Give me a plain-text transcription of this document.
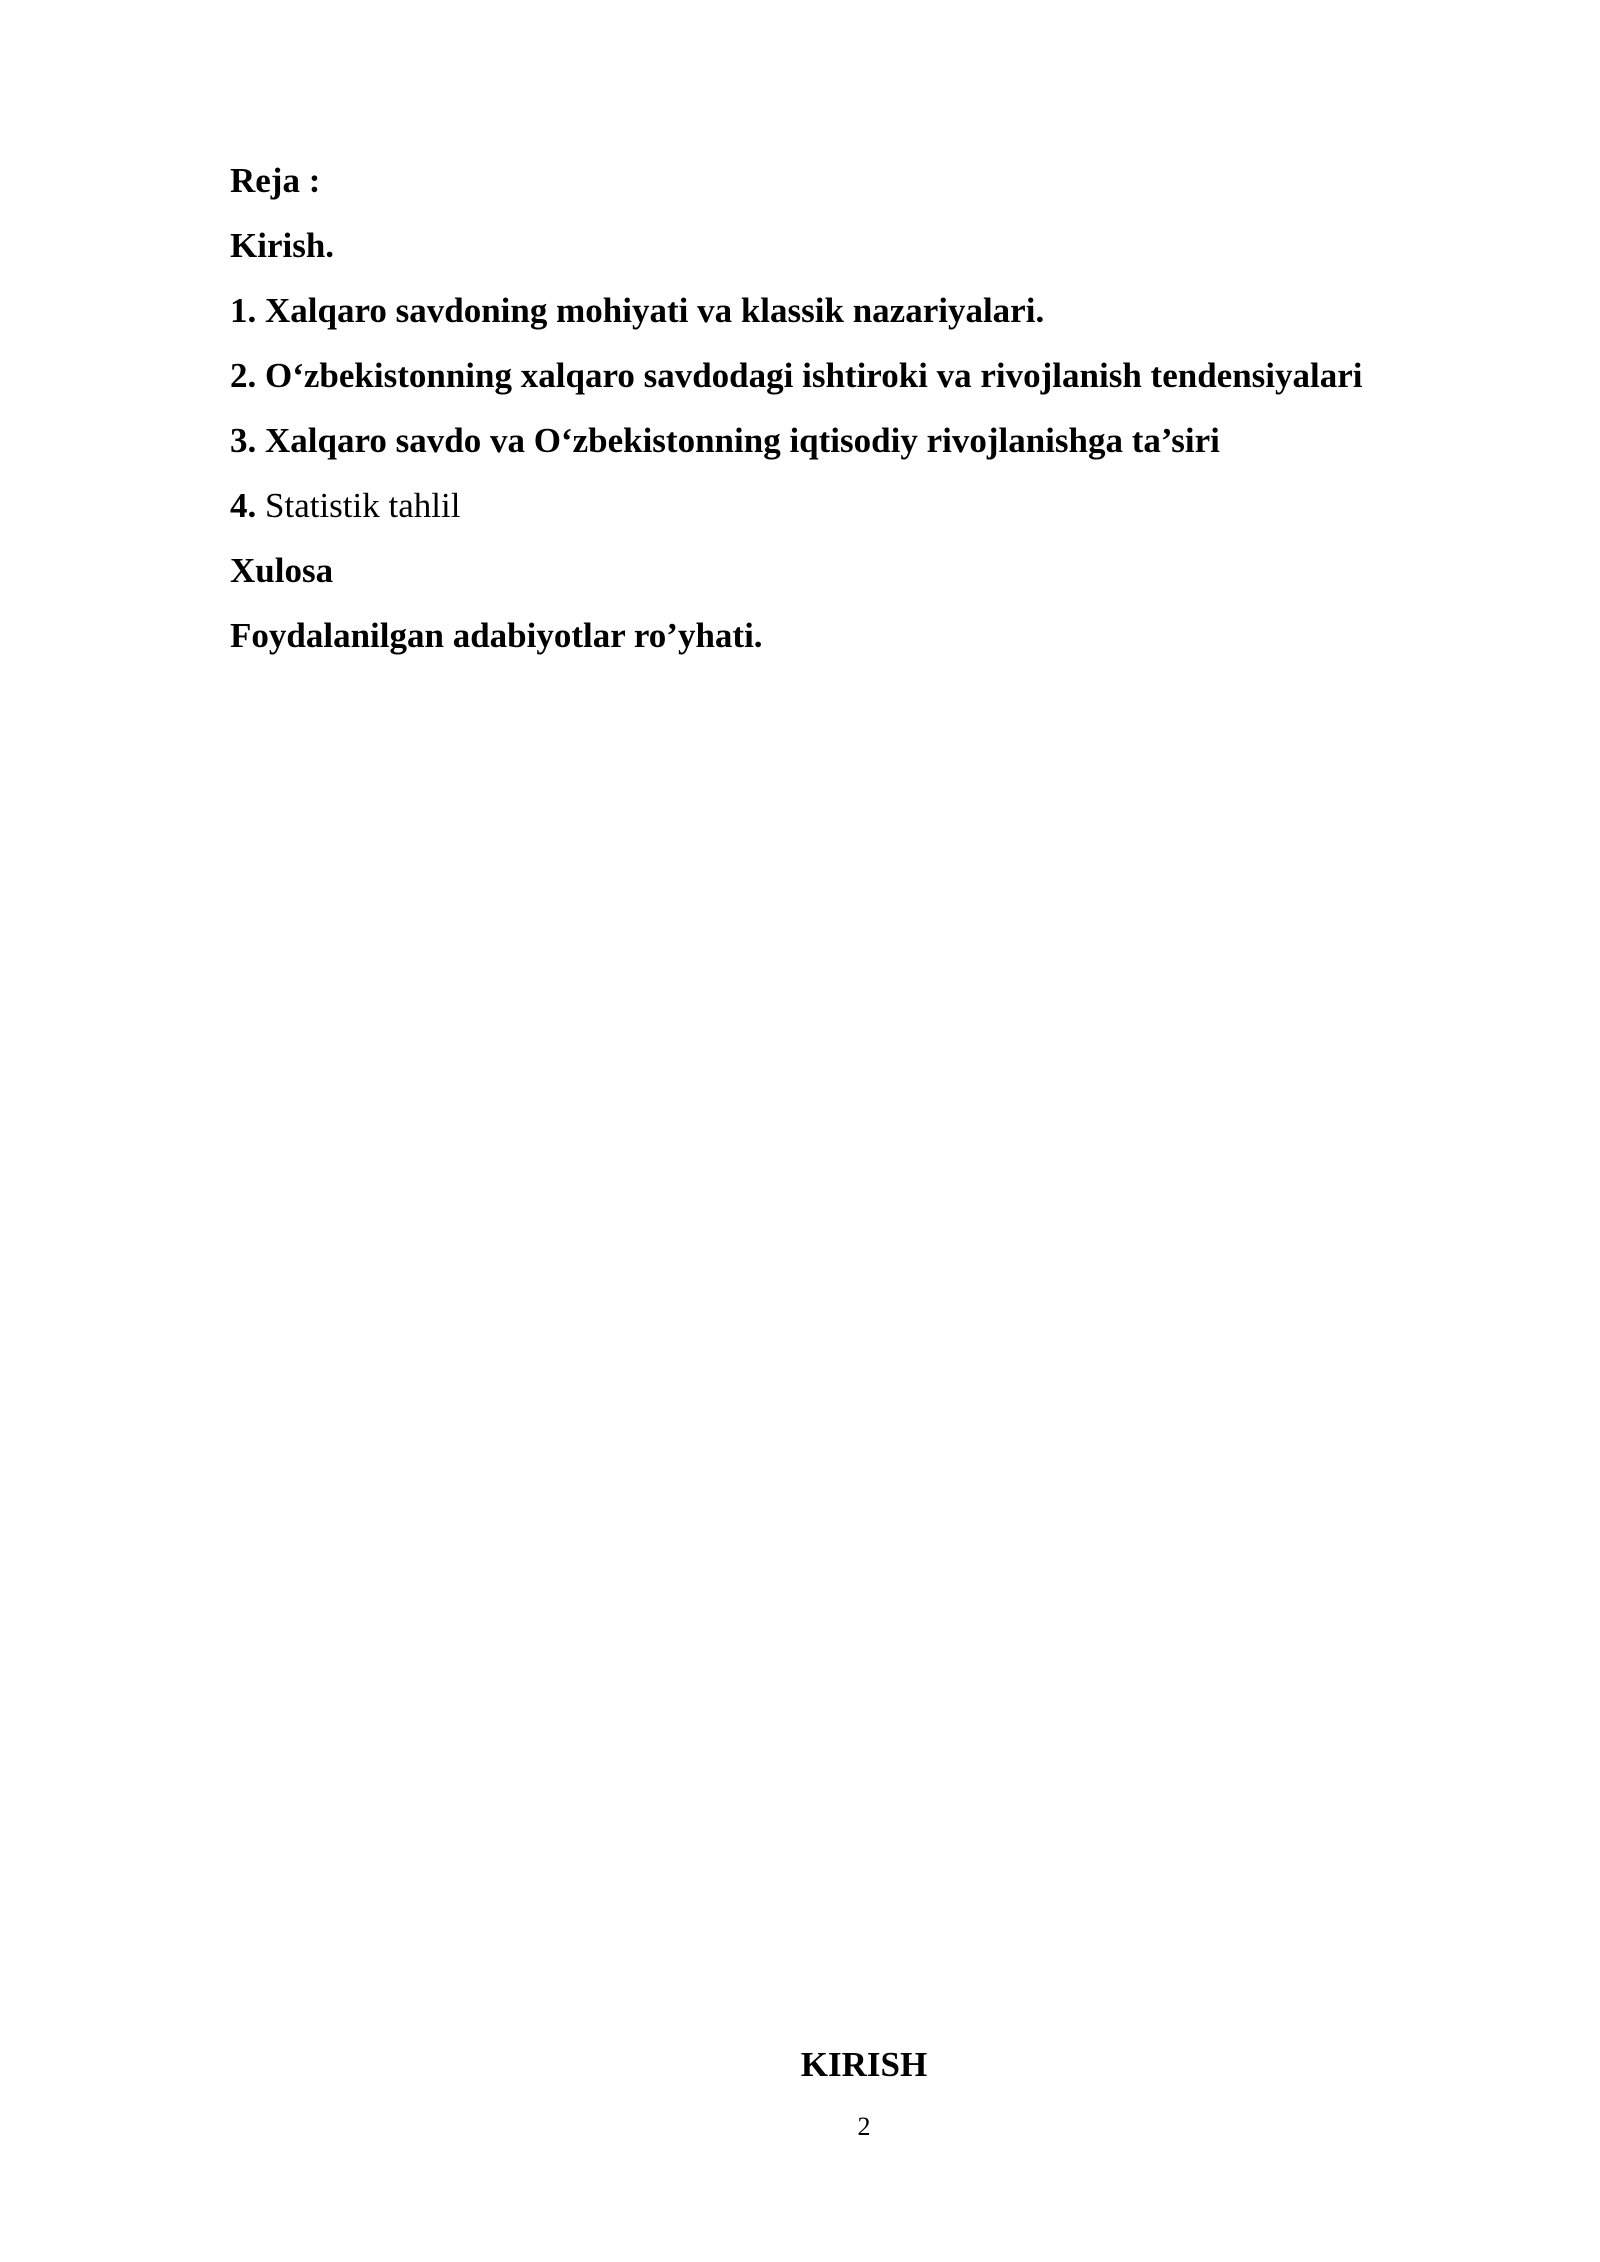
Reja :

Kirish.

1. Xalqaro savdoning mohiyati va klassik nazariyalari.

2. O‘zbekistonning xalqaro savdodagi ishtiroki va rivojlanish tendensiyalari

3. Xalqaro savdo va O‘zbekistonning iqtisodiy rivojlanishga ta’siri

4. Statistik tahlil

Xulosa

Foydalanilgan adabiyotlar ro’yhati.

KIRISH
2
